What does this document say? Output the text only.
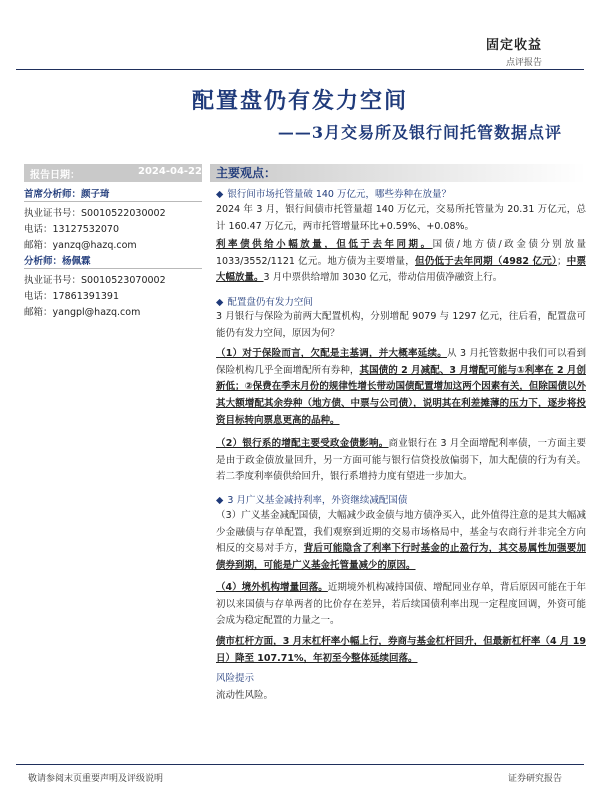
固定收益
点评报告
配置盘仍有发力空间
——3月交易所及银行间托管数据点评
报告日期：	2024-04-22
首席分析师：颜子琦
执业证书号：S0010522030002
电话：13127532070
邮箱：yanzq@hazq.com
分析师：杨佩霖
执业证书号：S0010523070002
电话：17861391391
邮箱：yangpl@hazq.com
主要观点：
◆ 银行间市场托管量破 140 万亿元，哪些券种在放量？
2024 年 3 月，银行间债市托管量超 140 万亿元，交易所托管量为 20.31 万亿元，总计 160.47 万亿元，两市托管增量环比+0.59%、+0.08%。
利率债供给小幅放量，但低于去年同期。国债/地方债/政金债分别放量 1033/3552/1121 亿元。地方债为主要增量，但仍低于去年同期（4982 亿元）；中票大幅放量。3 月中票供给增加 3030 亿元，带动信用债净融资上行。
◆ 配置盘仍有发力空间
3 月银行与保险为前两大配置机构，分别增配 9079 与 1297 亿元，往后看，配置盘可能仍有发力空间，原因为何？
（1）对于保险而言，欠配是主基调，并大概率延续。从 3 月托管数据中我们可以看到保险机构几乎全面增配所有券种，其国债的 2 月减配、3 月增配可能与①利率在 2 月创新低；②保费在季末月份的规律性增长带动国债配置增加这两个因素有关，但除国债以外其大额增配其余券种（地方债、中票与公司债），说明其在利差摊薄的压力下，逐步将投资目标转向票息更高的品种。
（2）银行系的增配主要受政金债影响。商业银行在 3 月全面增配利率债，一方面主要是由于政金债放量回升，另一方面可能与银行信贷投放偏弱下，加大配债的行为有关。若二季度利率债供给回升，银行系增持力度有望进一步加大。
◆ 3 月广义基金减持利率，外资继续减配国债
（3）广义基金减配国债，大幅减少政金债与地方债净买入，此外值得注意的是其大幅减少金融债与存单配置，我们观察到近期的交易市场格局中，基金与农商行并非完全方向相反的交易对手方，背后可能隐含了利率下行时基金的止盈行为，其交易属性加强要加债券到期，可能是广义基金托管量减少的原因。
（4）境外机构增量回落。近期境外机构减持国债、增配同业存单，背后原因可能在于年初以来国债与存单两者的比价存在差异，若后续国债利率出现一定程度回调，外资可能会成为稳定配置的力量之一。
债市杠杆方面，3 月末杠杆率小幅上行，券商与基金杠杆回升，但最新杠杆率（4 月 19 日）降至 107.71%，年初至今整体延续回落。
风险提示
流动性风险。
敬请参阅末页重要声明及评级说明	证券研究报告
